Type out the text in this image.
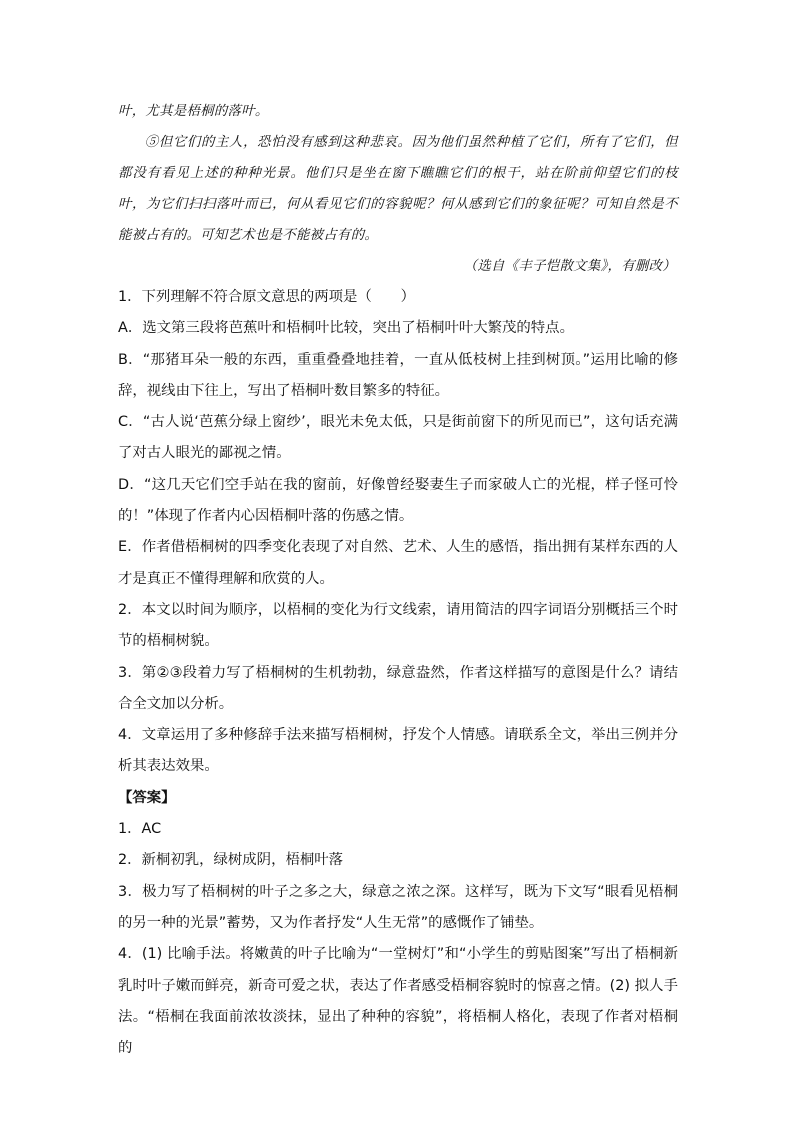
叶，尤其是梧桐的落叶。

⑤但它们的主人，恐怕没有感到这种悲哀。因为他们虽然种植了它们，所有了它们，但都没有看见上述的种种光景。他们只是坐在窗下瞧瞧它们的根干，站在阶前仰望它们的枝叶，为它们扫扫落叶而已，何从看见它们的容貌呢？何从感到它们的象征呢？可知自然是不能被占有的。可知艺术也是不能被占有的。

（选自《丰子恺散文集》，有删改）

1．下列理解不符合原文意思的两项是（　　）

A．选文第三段将芭蕉叶和梧桐叶比较，突出了梧桐叶叶大繁茂的特点。

B．“那猪耳朵一般的东西，重重叠叠地挂着，一直从低枝树上挂到树顶。”运用比喻的修辞，视线由下往上，写出了梧桐叶数目繁多的特征。

C．“古人说‘芭蕉分绿上窗纱’，眼光未免太低，只是街前窗下的所见而已”，这句话充满了对古人眼光的鄙视之情。

D．“这几天它们空手站在我的窗前，好像曾经娶妻生子而家破人亡的光棍，样子怪可怜的！”体现了作者内心因梧桐叶落的伤感之情。

E．作者借梧桐树的四季变化表现了对自然、艺术、人生的感悟，指出拥有某样东西的人才是真正不懂得理解和欣赏的人。

2．本文以时间为顺序，以梧桐的变化为行文线索，请用简洁的四字词语分别概括三个时节的梧桐树貌。

3．第②③段着力写了梧桐树的生机勃勃，绿意盎然，作者这样描写的意图是什么？请结合全文加以分析。

4．文章运用了多种修辞手法来描写梧桐树，抒发个人情感。请联系全文，举出三例并分析其表达效果。

【答案】

1．AC

2．新桐初乳，绿树成阴，梧桐叶落

3．极力写了梧桐树的叶子之多之大，绿意之浓之深。这样写，既为下文写“眼看见梧桐的另一种的光景”蓄势，又为作者抒发“人生无常”的感慨作了铺垫。

4．(1) 比喻手法。将嫩黄的叶子比喻为“一堂树灯”和“小学生的剪贴图案”写出了梧桐新乳时叶子嫩而鲜亮，新奇可爱之状，表达了作者感受梧桐容貌时的惊喜之情。(2) 拟人手法。“梧桐在我面前浓妆淡抹，显出了种种的容貌”，将梧桐人格化，表现了作者对梧桐的
